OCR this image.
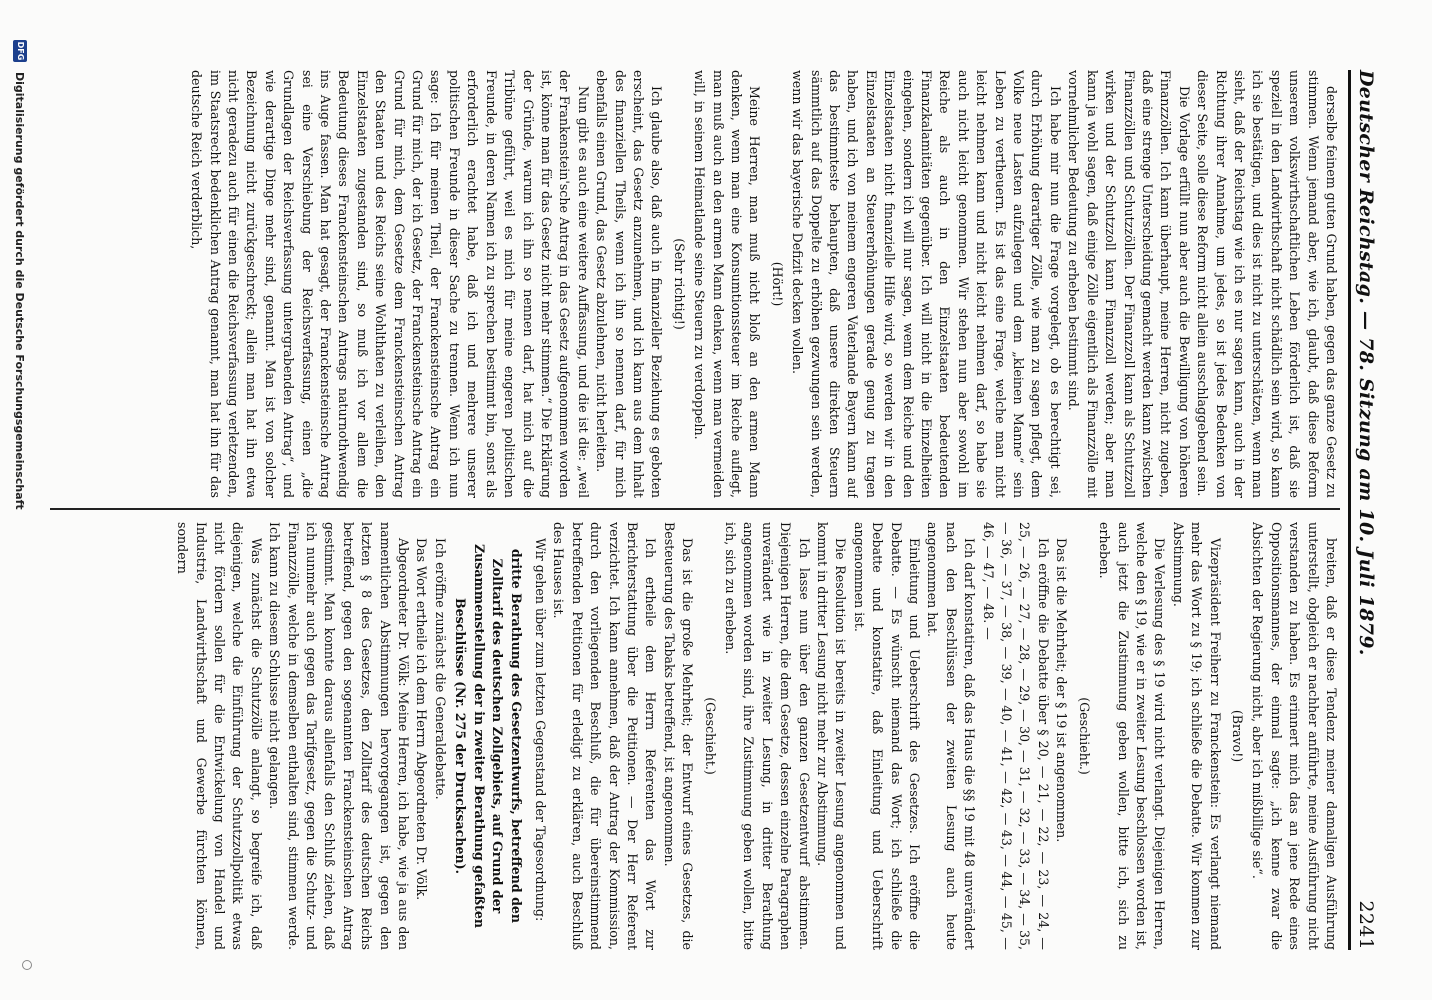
Deutscher Reichstag. — 78. Sitzung am 10. Juli 1879.
2241

derselbe feinem guten Grund haben, gegen das ganze Gesetz zu stimmen. Wenn jemand aber, wie ich, glaubt, daß diese Reform unserem volkswirthschaftlichen Leben förderlich ist, daß sie speziell in den Landwirthschaft nicht schädlich sein wird, so kann ich sie bestätigen, und dies ist nicht zu unterschätzen, wenn man sieht, daß der Reichstag wie ich es nur sagen kann, auch in der Richtung ihrer Annahme, um jedes, so ist jedes Bedenken von dieser Seite, solle diese Reform nicht allein ausschlaggebend sein.

Die Vorlage erfüllt nun aber auch die Bewilligung von höheren Finanzzöllen. Ich kann überhaupt, meine Herren, nicht zugeben, daß eine strenge Unterscheidung gemacht werden kann zwischen Finanzzöllen und Schutzzöllen. Der Finanzzoll kann als Schutzzoll wirken und der Schutzzoll kann Finanzzoll werden; aber man kann ja wohl sagen, daß einige Zölle eigentlich als Finanzzölle mit vornehmlicher Bedeutung zu erheben bestimmt sind.

Ich habe mir nun die Frage vorgelegt, ob es berechtigt sei, durch Erhöhung derartiger Zölle, wie man zu sagen pflegt, dem Volke neue Lasten aufzulegen und dem „kleinen Manne“ sein Leben zu vertheuern. Es ist das eine Frage, welche man nicht leicht nehmen kann und nicht leicht nehmen darf, so habe sie auch nicht leicht genommen. Wir stehen nun aber sowohl im Reiche als auch in den Einzelstaaten bedeutenden Finanzkalamitäten gegenüber. Ich will nicht in die Einzelheiten eingehen, sondern ich will nur sagen, wenn dem Reiche und den Einzelstaaten nicht finanzielle Hilfe wird, so werden wir in den Einzelstaaten an Steuererhöhungen gerade genug zu tragen haben, und ich von meinem engeren Vaterlande Bayern kann auf das bestimmteste behaupten, daß unsere direkten Steuern sämmtlich auf das Doppelte zu erhöhen gezwungen sein werden, wenn wir das bayerische Defizit decken wollen.

(Hört!)

Meine Herren, man muß nicht bloß an den armen Mann denken, wenn man eine Konsumtionssteuer im Reiche auflegt, man muß auch an den armen Mann denken, wenn man vermeiden will, in seinem Heimatlande seine Steuern zu verdoppeln.

(Sehr richtig!)

Ich glaube also, daß auch in finanzieller Beziehung es geboten erscheint, das Gesetz anzunehmen, und ich kann aus dem Inhalt des finanziellen Theils, wenn ich ihn so nennen darf, für mich ebenfalls einen Grund, das Gesetz abzulehnen, nicht herleiten.

Nun gibt es auch eine weitere Auffassung, und die ist die: „weil der Frankenstein'sche Antrag in das Gesetz aufgenommen worden ist, könne man für das Gesetz nicht mehr stimmen.“ Die Erklärung der Gründe, warum ich ihn so nennen darf, hat mich auf die Tribüne geführt, weil es mich für meine engeren politischen Freunde, in deren Namen ich zu sprechen bestimmt bin, sonst als erforderlich erachtet habe, daß ich und mehrere unserer politischen Freunde in dieser Sache zu trennen. Wenn ich nun sage: Ich für meinen Theil, der Franckensteinsche Antrag ein Grund für mich, der ich Gesetz, der Franckensteinsche Antrag ein Grund für mich, dem Gesetze dem Franckensteinschen Antrag den Staaten und des Reichs seine Wohlthaten zu verleihen, den Einzelstaaten zugestanden sind, so muß ich vor allem die Bedeutung dieses Franckensteinschen Antrags naturnothwendig ins Auge fassen. Man hat gesagt, der Franckensteinsche Antrag sei eine Verschiebung der Reichsverfassung, einen „die Grundlagen der Reichsverfassung untergrabenden Antrag“, und wie derartige Dinge mehr sind, genannt. Man ist von solcher Bezeichnung nicht zurückgeschreckt; allein man hat ihn etwa nicht geradezu auch für einen die Reichsverfassung verletzenden, im Staatsrecht bedenklichen Antrag genannt, man hat ihn für das deutsche Reich verderblich,

breiten, daß er diese Tendenz meiner damaligen Ausführung unterstellt, obgleich er nachher anführte, meine Ausführung nicht verstanden zu haben. Es erinnert mich das an jene Rede eines Oppositionsmannes, der einmal sagte: „ich kenne zwar die Absichten der Regierung nicht, aber ich mißbillige sie“.

(Bravo!)

Vizepräsident Freiherr zu Franckenstein: Es verlangt niemand mehr das Wort zu § 19; ich schließe die Debatte. Wir kommen zur Abstimmung.

Die Verlesung des § 19 wird nicht verlangt. Diejenigen Herren, welche den § 19, wie er in zweiter Lesung beschlossen worden ist, auch jetzt die Zustimmung geben wollen, bitte ich, sich zu erheben.

(Geschieht.)

Das ist die Mehrheit; der § 19 ist angenommen.

Ich eröffne die Debatte über § 20, — 21, — 22, — 23, — 24, — 25, — 26, — 27, — 28, — 29, — 30, — 31, — 32, — 33, — 34, — 35, — 36, — 37, — 38, — 39, — 40, — 41, — 42, — 43, — 44, — 45, — 46, — 47, — 48. —

Ich darf konstatiren, daß das Haus die §§ 19 mit 48 unverändert nach den Beschlüssen der zweiten Lesung auch heute angenommen hat.

Einleitung und Ueberschrift des Gesetzes. Ich eröffne die Debatte. — Es wünscht niemand das Wort; ich schließe die Debatte und konstatire, daß Einleitung und Ueberschrift angenommen ist.

Die Resolution ist bereits in zweiter Lesung angenommen und kommt in dritter Lesung nicht mehr zur Abstimmung.

Ich lasse nun über den ganzen Gesetzentwurf abstimmen. Diejenigen Herren, die dem Gesetze, dessen einzelne Paragraphen unverändert wie in zweiter Lesung, in dritter Berathung angenommen worden sind, ihre Zustimmung geben wollen, bitte ich, sich zu erheben.

(Geschieht.)

Das ist die große Mehrheit; der Entwurf eines Gesetzes, die Besteuerung des Tabaks betreffend, ist angenommen.

Ich ertheile dem Herrn Referenten das Wort zur Berichterstattung über die Petitionen. — Der Herr Referent verzichtet. Ich kann annehmen, daß der Antrag der Kommission, durch den vorliegenden Beschluß, die für übereinstimmend betreffenden Petitionen für erledigt zu erklären, auch Beschluß des Hauses ist.

Wir gehen über zum letzten Gegenstand der Tagesordnung:

dritte Berathung des Gesetzentwurfs, betreffend den Zolltarif des deutschen Zollgebiets, auf Grund der Zusammenstellung der in zweiter Berathung gefaßten Beschlüsse (Nr. 275 der Drucksachen).

Ich eröffne zunächst die Generaldebatte.

Das Wort ertheile ich dem Herrn Abgeordneten Dr. Völk.

Abgeordneter Dr. Völk: Meine Herren, ich habe, wie ja aus den namentlichen Abstimmungen hervorgegangen ist, gegen den letzten § 8 des Gesetzes, den Zolltarif des deutschen Reichs betreffend, gegen den sogenannten Franckensteinschen Antrag gestimmt. Man konnte daraus allenfalls den Schluß ziehen, daß ich nunmehr auch gegen das Tarifgesetz, gegen die Schutz- und Finanzzölle, welche in demselben enthalten sind, stimmen werde. Ich kann zu diesem Schlusse nicht gelangen.

Was zunächst die Schutzzölle anlangt, so begreife ich, daß diejenigen, welche die Einführung der Schutzzollpolitik etwas nicht fördern sollen für die Entwickelung von Handel und Industrie, Landwirthschaft und Gewerbe fürchten können, sondern

DFG
Digitalisierung gefördert durch die Deutsche Forschungsgemeinschaft
